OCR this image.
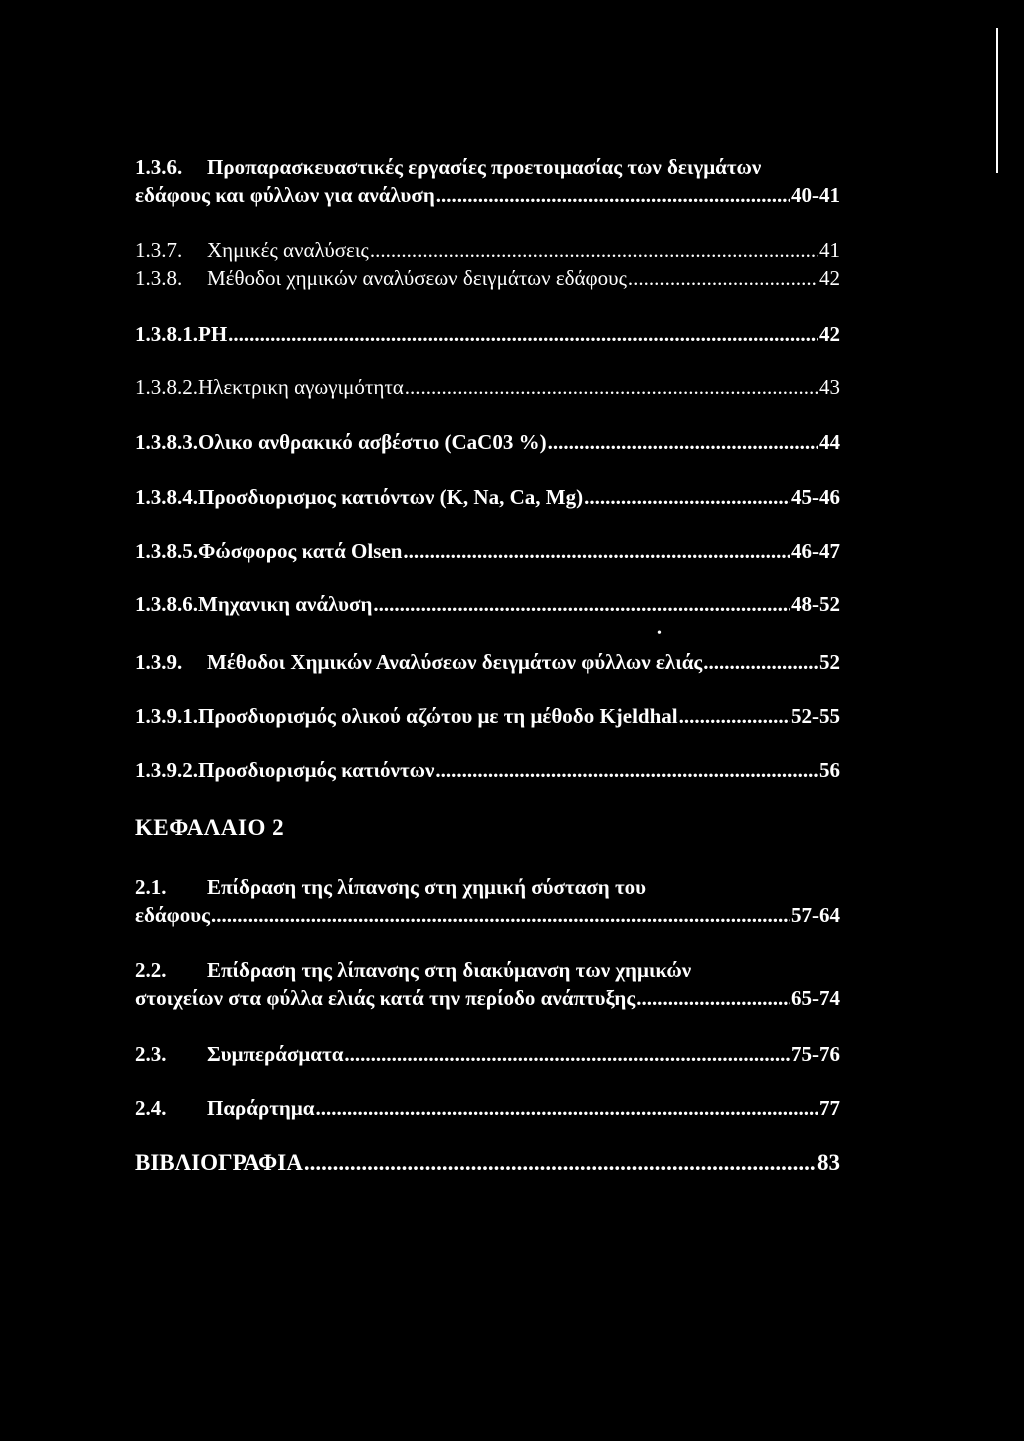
1.3.6.	Προπαρασκευαστικές εργασίες προετοιμασίας των δειγμάτων
εδάφους και φύλλων για ανάλυση .....	40-41
1.3.7.	Χημικές αναλύσεις .....	41
1.3.8.	Μέθοδοι χημικών αναλύσεων δειγμάτων εδάφους .....	42
1.3.8.1.ΡΗ .....	42
1.3.8.2.Ηλεκτρικη αγωγιμότητα .....	43
1.3.8.3.Ολικο ανθρακικό ασβέστιο (CaC03 %) .....	44
1.3.8.4.Προσδιορισμος κατιόντων (Κ, Na, Ca, Mg) .....	45-46
1.3.8.5.Φώσφορος κατά Olsen .....	46-47
1.3.8.6.Μηχανικη ανάλυση .....	48-52
•
1.3.9.	Μέθοδοι Χημικών Αναλύσεων δειγμάτων φύλλων ελιάς .....	52
1.3.9.1.Προσδιορισμός ολικού αζώτου με τη μέθοδο Kjeldhal .....	52-55
1.3.9.2.Προσδιορισμός κατιόντων .....	56
ΚΕΦΑΛΑΙΟ 2
2.1.	Επίδραση της λίπανσης στη χημική σύσταση του
εδάφους .....	57-64
2.2.	Επίδραση της λίπανσης στη διακύμανση των χημικών
στοιχείων στα φύλλα ελιάς κατά την περίοδο ανάπτυξης .....	65-74
2.3.	Συμπεράσματα .....	75-76
2.4.	Παράρτημα .....	77
ΒΙΒΛΙΟΓΡΑΦΙΑ .....	83
